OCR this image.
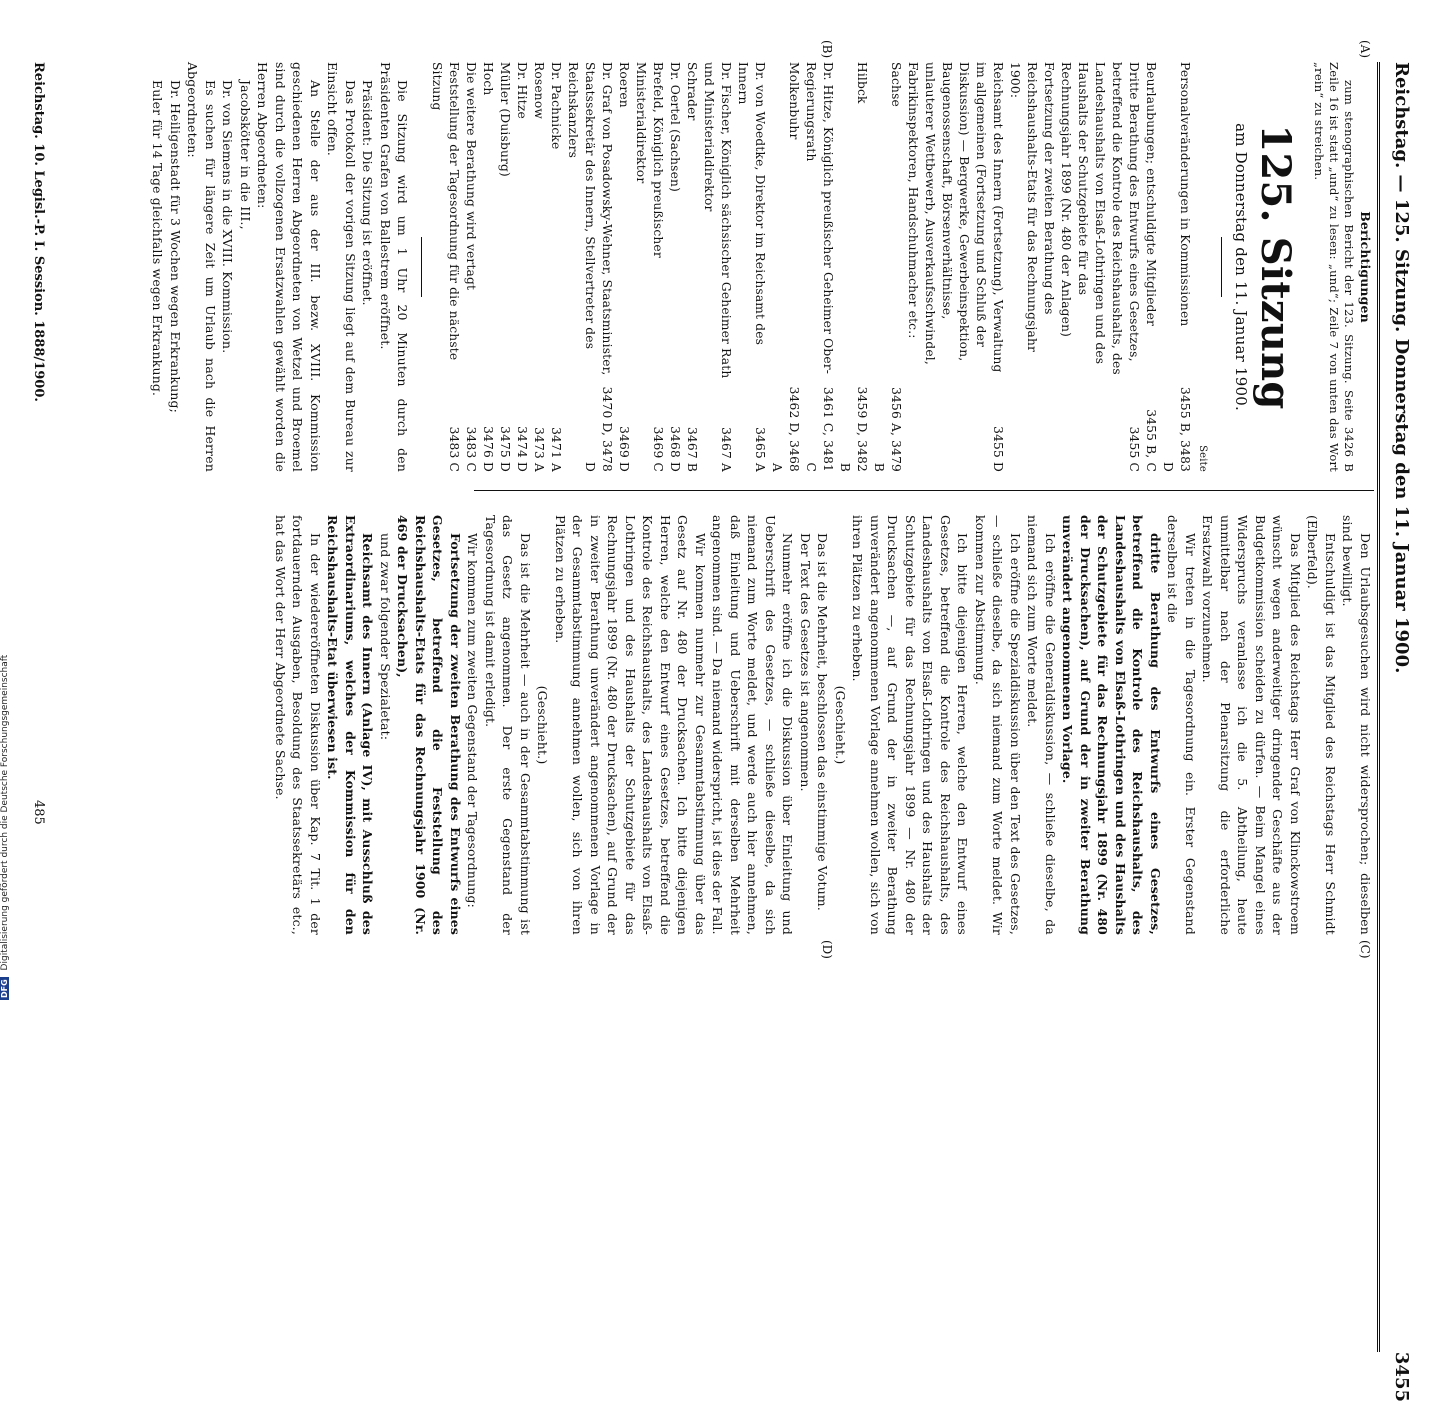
Reichstag. — 125. Sitzung. Donnerstag den 11. Januar 1900.
3455

Berichtigungen

zum stenographischen Bericht der 123. Sitzung. Seite 3426 B Zeile 16 ist statt „und“ zu lesen: „und“; Zeile 7 von unten das Wort „rein“ zu streichen.

125. Sitzung
am Donnerstag den 11. Januar 1900.
Seite
Personalveränderungen in Kommissionen
3455 B, 3483 D
Beurlaubungen; entschuldigte Mitglieder
3455 B, C
Dritte Berathung des Entwurfs eines Gesetzes, betreffend die Kontrole des Reichshaushalts, des Landeshaushalts von Elsaß-Lothringen und des Haushalts der Schutzgebiete für das Rechnungsjahr 1899 (Nr. 480 der Anlagen)
3455 C
Fortsetzung der zweiten Berathung des Reichshaushalts-Etats für das Rechnungsjahr 1900:
Reichsamt des Innern (Fortsetzung), Verwaltung im allgemeinen (Fortsetzung und Schluß der Diskussion) — Bergwerke, Gewerbeinspektion, Baugenossenschaft, Börsenverhältnisse, unlauterer Wettbewerb, Ausverkaufsschwindel, Fabrikinspektoren, Handschuhmacher etc.:
3455 D
Sachse
3456 A, 3479 B
Hilbck
3459 D, 3482 B
Dr. Hitze, Königlich preußischer Geheimer Ober-Regierungsrath
3461 C, 3481 C
Molkenbuhr
3462 D, 3468 A
Dr. von Woedtke, Direktor im Reichsamt des Innern
3465 A
Dr. Fischer, Königlich sächsischer Geheimer Rath und Ministerialdirektor
3467 A
Schrader
3467 B
Dr. Oertel (Sachsen)
3468 D
Brefeld, Königlich preußischer Ministerialdirektor
3469 C
Roeren
3469 D
Dr. Graf von Posadowsky-Wehner, Staatsminister, Staatssekretär des Innern, Stellvertreter des Reichskanzlers
3470 D, 3478 D
Dr. Pachnicke
3471 A
Rosenow
3473 A
Dr. Hitze
3474 D
Müller (Duisburg)
3475 D
Hoch
3476 D
Die weitere Berathung wird vertagt
3483 C
Feststellung der Tagesordnung für die nächste Sitzung
3483 C

Die Sitzung wird um 1 Uhr 20 Minuten durch den Präsidenten Grafen von Ballestrem eröffnet.

Präsident: Die Sitzung ist eröffnet.

Das Protokoll der vorigen Sitzung liegt auf dem Bureau zur Einsicht offen.

An Stelle der aus der III. bezw. XVIII. Kommission geschiedenen Herren Abgeordneten von Wetzel und Broemel sind durch die vollzogenen Ersatzwahlen gewählt worden die Herren Abgeordneten:

Jacobskötter in die III.,

Dr. von Siemens in die XVIII. Kommission.

Es suchen für längere Zeit um Urlaub nach die Herren Abgeordneten:

Dr. Heiligenstadt für 3 Wochen wegen Erkrankung;

Euler für 14 Tage gleichfalls wegen Erkrankung.

Den Urlaubsgesuchen wird nicht widersprochen; dieselben sind bewilligt.

Entschuldigt ist das Mitglied des Reichstags Herr Schmidt (Elberfeld).

Das Mitglied des Reichstags Herr Graf von Klinckowstroem wünscht wegen anderweitiger dringender Geschäfte aus der Budgetkommission scheiden zu dürfen. — Beim Mangel eines Widerspruchs veranlasse ich die 5. Abtheilung, heute unmittelbar nach der Plenarsitzung die erforderliche Ersatzwahl vorzunehmen.

Wir treten in die Tagesordnung ein. Erster Gegenstand derselben ist die

dritte Berathung des Entwurfs eines Gesetzes, betreffend die Kontrole des Reichshaushalts, des Landeshaushalts von Elsaß-Lothringen und des Haushalts der Schutzgebiete für das Rechnungsjahr 1899 (Nr. 480 der Drucksachen), auf Grund der in zweiter Berathung unverändert angenommenen Vorlage.

Ich eröffne die Generaldiskussion, — schließe dieselbe, da niemand sich zum Worte meldet.

Ich eröffne die Spezialdiskussion über den Text des Gesetzes, — schließe dieselbe, da sich niemand zum Worte meldet. Wir kommen zur Abstimmung.

Ich bitte diejenigen Herren, welche den Entwurf eines Gesetzes, betreffend die Kontrole des Reichshaushalts, des Landeshaushalts von Elsaß-Lothringen und des Haushalts der Schutzgebiete für das Rechnungsjahr 1899 — Nr. 480 der Drucksachen —, auf Grund der in zweiter Berathung unverändert angenommenen Vorlage annehmen wollen, sich von ihren Plätzen zu erheben.

(Geschieht.)

Das ist die Mehrheit, beschlossen das einstimmige Votum.

Der Text des Gesetzes ist angenommen.

Nunmehr eröffne ich die Diskussion über Einleitung und Ueberschrift des Gesetzes, — schließe dieselbe, da sich niemand zum Worte meldet, und werde auch hier annehmen, daß Einleitung und Ueberschrift mit derselben Mehrheit angenommen sind. — Da niemand widerspricht, ist dies der Fall.

Wir kommen nunmehr zur Gesammtabstimmung über das Gesetz auf Nr. 480 der Drucksachen. Ich bitte diejenigen Herren, welche den Entwurf eines Gesetzes, betreffend die Kontrole des Reichshaushalts, des Landeshaushalts von Elsaß-Lothringen und des Haushalts der Schutzgebiete für das Rechnungsjahr 1899 (Nr. 480 der Drucksachen), auf Grund der in zweiter Berathung unverändert angenommenen Vorlage in der Gesammtabstimmung annehmen wollen, sich von ihren Plätzen zu erheben.

(Geschieht.)

Das ist die Mehrheit — auch in der Gesammtabstimmung ist das Gesetz angenommen. Der erste Gegenstand der Tagesordnung ist damit erledigt.

Wir kommen zum zweiten Gegenstand der Tagesordnung:

Fortsetzung der zweiten Berathung des Entwurfs eines Gesetzes, betreffend die Feststellung des Reichshaushalts-Etats für das Rechnungsjahr 1900 (Nr. 469 der Drucksachen),

und zwar folgender Spezialetat:

Reichsamt des Innern (Anlage IV), mit Ausschluß des Extraordinariums, welches der Kommission für den Reichshaushalts-Etat überwiesen ist.

In der wiedereröffneten Diskussion über Kap. 7 Tit. 1 der fortdauernden Ausgaben, Besoldung des Staatssekretärs etc., hat das Wort der Herr Abgeordnete Sachse.

(A)
(B)
(C)
(D)
Reichstag. 10. Legisl.-P. I. Session. 1888/1900.
485
DFG Digitalisierung gefördert durch die Deutsche Forschungsgemeinschaft
